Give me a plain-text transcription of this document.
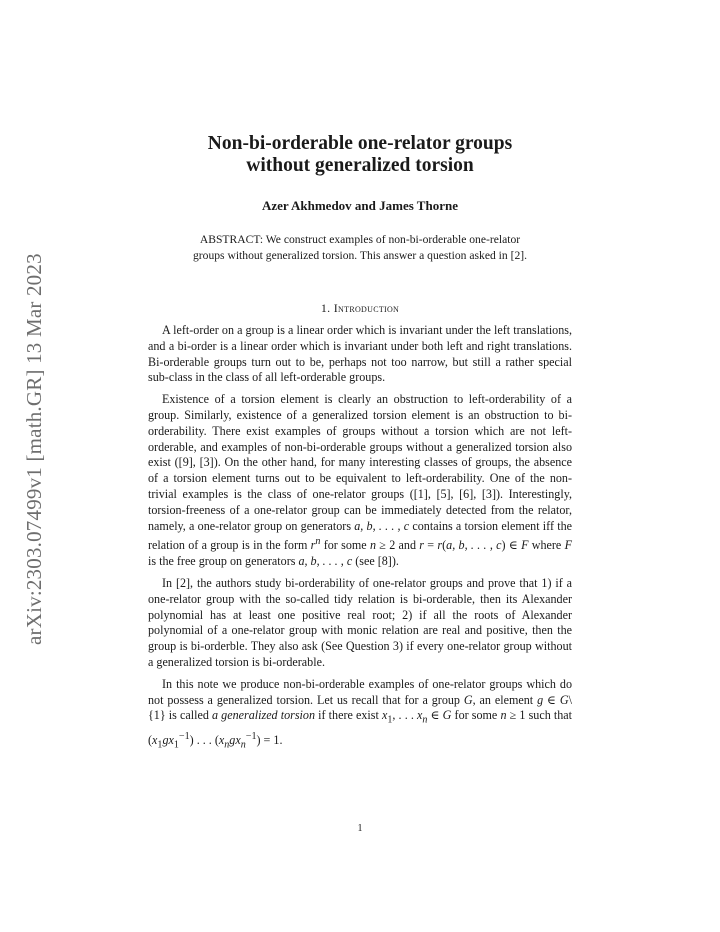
arXiv:2303.07499v1 [math.GR] 13 Mar 2023
Non-bi-orderable one-relator groups
without generalized torsion
Azer Akhmedov and James Thorne
ABSTRACT: We construct examples of non-bi-orderable one-relator
groups without generalized torsion. This answer a question asked in [2].
1. Introduction

A left-order on a group is a linear order which is invariant under the left translations, and a bi-order is a linear order which is invariant under both left and right translations. Bi-orderable groups turn out to be, perhaps not too narrow, but still a rather special sub-class in the class of all left-orderable groups.

Existence of a torsion element is clearly an obstruction to left-orderability of a group. Similarly, existence of a generalized torsion element is an obstruction to bi-orderability. There exist examples of groups without a torsion which are not left-orderable, and examples of non-bi-orderable groups without a generalized torsion also exist ([9], [3]). On the other hand, for many interesting classes of groups, the absence of a torsion element turns out to be equivalent to left-orderability. One of the non-trivial examples is the class of one-relator groups ([1], [5], [6], [3]). Interestingly, torsion-freeness of a one-relator group can be immediately detected from the relator, namely, a one-relator group on generators a, b, . . . , c contains a torsion element iff the relation of a group is in the form $r^n$ for some n ≥ 2 and r = r(a, b, . . . , c) ∈ F where F is the free group on generators a, b, . . . , c (see [8]).

In [2], the authors study bi-orderability of one-relator groups and prove that 1) if a one-relator group with the so-called tidy relation is bi-orderable, then its Alexander polynomial has at least one positive real root; 2) if all the roots of Alexander polynomial of a one-relator group with monic relation are real and positive, then the group is bi-orderble. They also ask (See Question 3) if every one-relator group without a generalized torsion is bi-orderable.

In this note we produce non-bi-orderable examples of one-relator groups which do not possess a generalized torsion. Let us recall that for a group G, an element g ∈ G\{1} is called a generalized torsion if there exist $x_1$, . . . $x_n$ ∈ G for some n ≥ 1 such that $(x_1gx_1^{-1})$ . . . $(x_ngx_n^{-1}) = 1$.

1
